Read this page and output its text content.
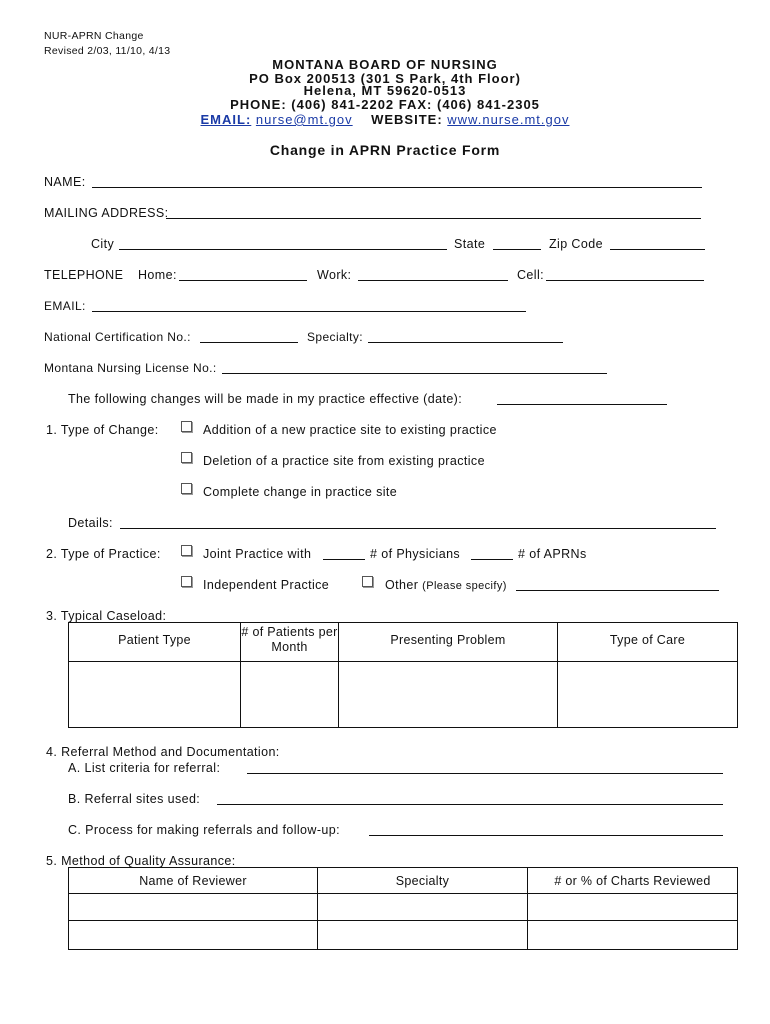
NUR-APRN Change
Revised 2/03, 11/10, 4/13
MONTANA BOARD OF NURSING
PO Box 200513 (301 S Park, 4th Floor)
Helena, MT 59620-0513
PHONE: (406) 841-2202 FAX: (406) 841-2305
EMAIL: nurse@mt.gov WEBSITE: www.nurse.mt.gov
Change in APRN Practice Form
NAME:
MAILING ADDRESS:
City	State	Zip Code
TELEPHONE Home:	Work:	Cell:
EMAIL:
National Certification No.:	Specialty:
Montana Nursing License No.:
The following changes will be made in my practice effective (date):
1. Type of Change:	Addition of a new practice site to existing practice
Deletion of a practice site from existing practice
Complete change in practice site
Details:
2. Type of Practice:	Joint Practice with	# of Physicians	# of APRNs
Independent Practice	Other (Please specify)
3. Typical Caseload:
Patient Type	# of Patients per Month	Presenting Problem	Type of Care

4. Referral Method and Documentation:
A. List criteria for referral:
B. Referral sites used:
C. Process for making referrals and follow-up:
5. Method of Quality Assurance:
Name of Reviewer	Specialty	# or % of Charts Reviewed
